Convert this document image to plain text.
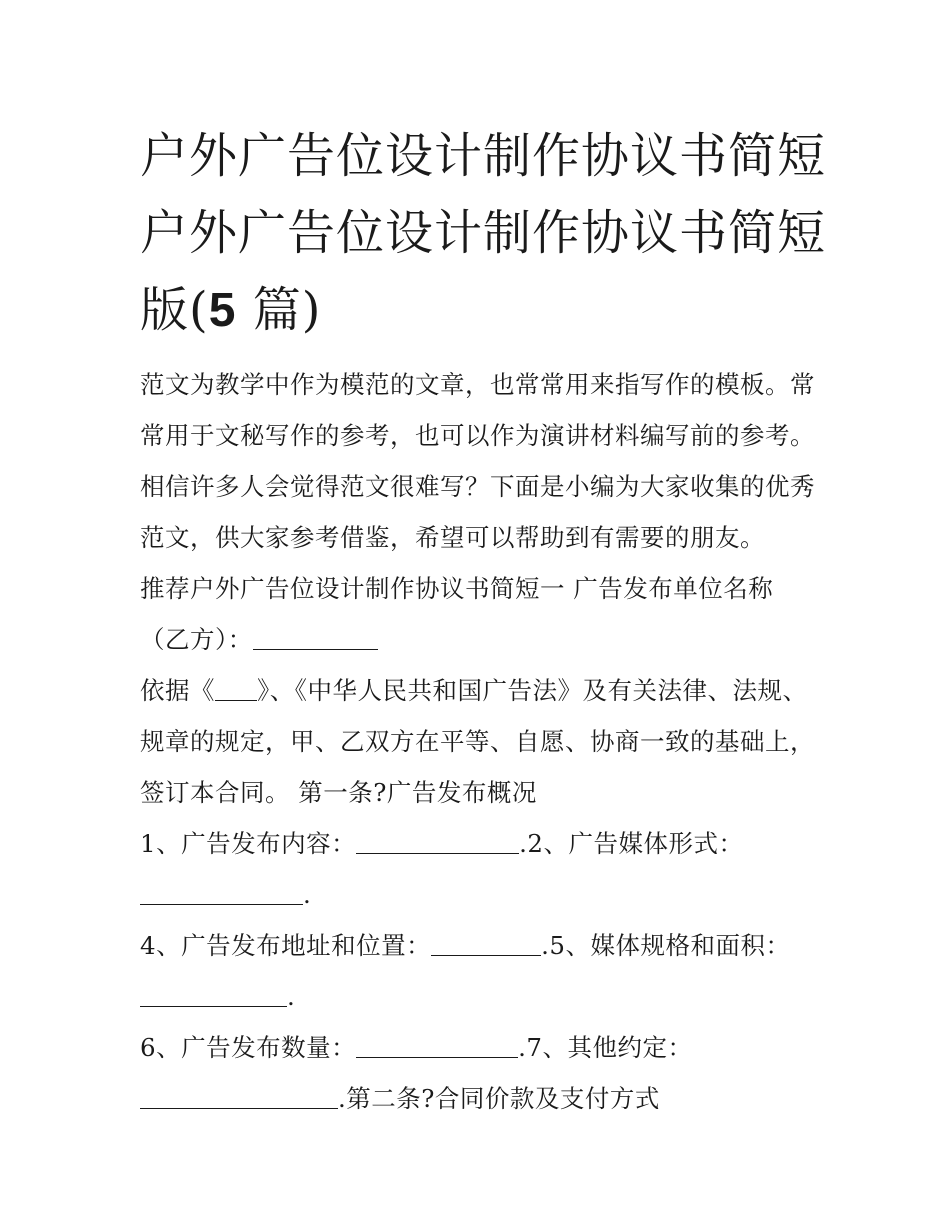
户外广告位设计制作协议书简短 户外广告位设计制作协议书简短版(5 篇)

范文为教学中作为模范的文章，也常常用来指写作的模板。常常用于文秘写作的参考，也可以作为演讲材料编写前的参考。相信许多人会觉得范文很难写？下面是小编为大家收集的优秀范文，供大家参考借鉴，希望可以帮助到有需要的朋友。

推荐户外广告位设计制作协议书简短一 广告发布单位名称
（乙方）：

依据《 》、《中华人民共和国广告法》及有关法律、法规、规章的规定，甲、乙双方在平等、自愿、协商一致的基础上，签订本合同。 第一条?广告发布概况

1、广告发布内容：	.2、广告媒体形式：
.

4、广告发布地址和位置：	.5、媒体规格和面积：
.

6、广告发布数量：	.7、其他约定：
.第二条?合同价款及支付方式
